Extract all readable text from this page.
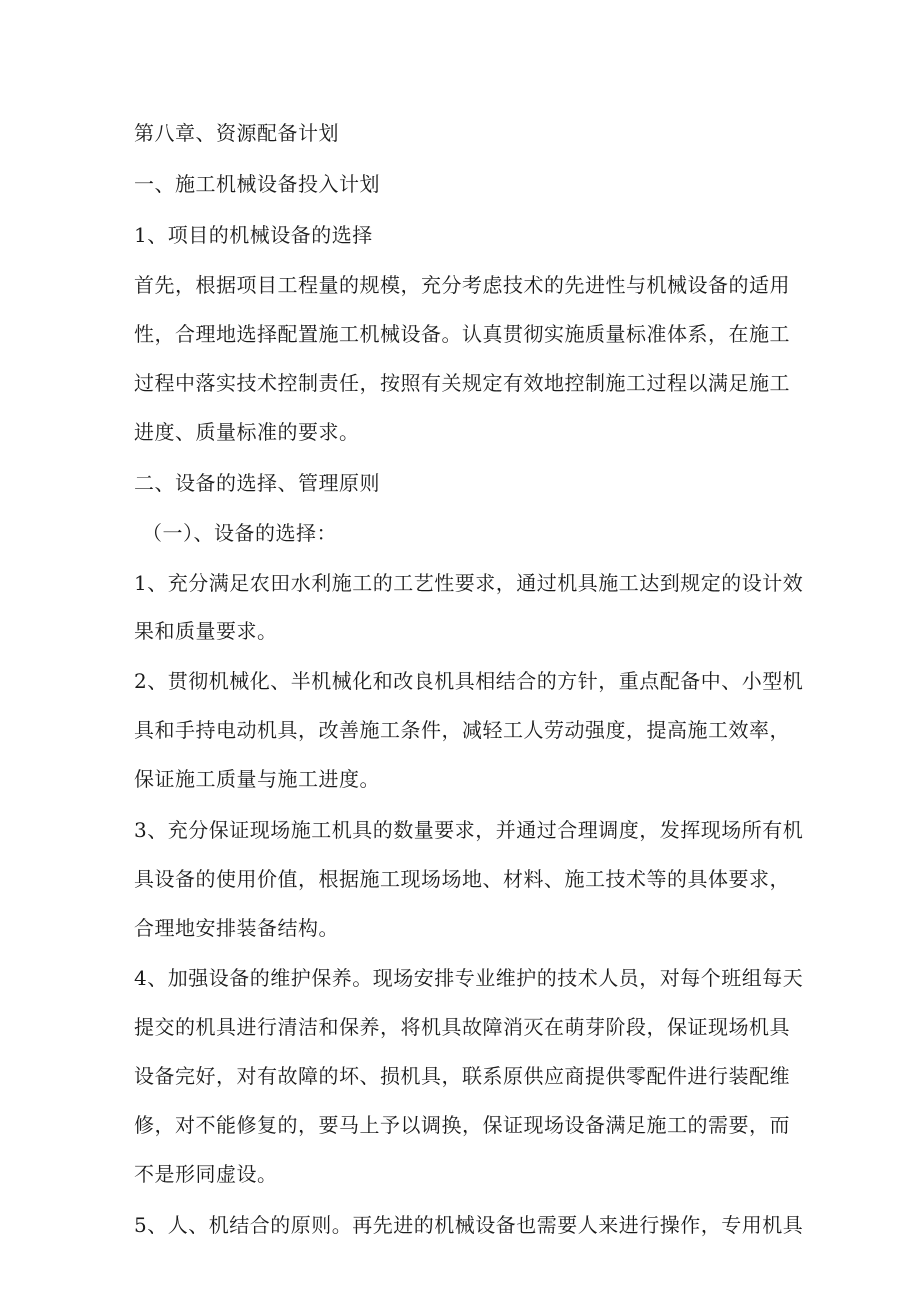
第八章、资源配备计划
一、施工机械设备投入计划
1、项目的机械设备的选择
首先，根据项目工程量的规模，充分考虑技术的先进性与机械设备的适用
性，合理地选择配置施工机械设备。认真贯彻实施质量标准体系，在施工
过程中落实技术控制责任，按照有关规定有效地控制施工过程以满足施工
进度、质量标准的要求。
二、设备的选择、管理原则
（一）、设备的选择：
1、充分满足农田水利施工的工艺性要求，通过机具施工达到规定的设计效
果和质量要求。
2、贯彻机械化、半机械化和改良机具相结合的方针，重点配备中、小型机
具和手持电动机具，改善施工条件，减轻工人劳动强度，提高施工效率，
保证施工质量与施工进度。
3、充分保证现场施工机具的数量要求，并通过合理调度，发挥现场所有机
具设备的使用价值，根据施工现场场地、材料、施工技术等的具体要求，
合理地安排装备结构。
4、加强设备的维护保养。现场安排专业维护的技术人员，对每个班组每天
提交的机具进行清洁和保养，将机具故障消灭在萌芽阶段，保证现场机具
设备完好，对有故障的坏、损机具，联系原供应商提供零配件进行装配维
修，对不能修复的，要马上予以调换，保证现场设备满足施工的需要，而
不是形同虚设。
5、人、机结合的原则。再先进的机械设备也需要人来进行操作，专用机具
